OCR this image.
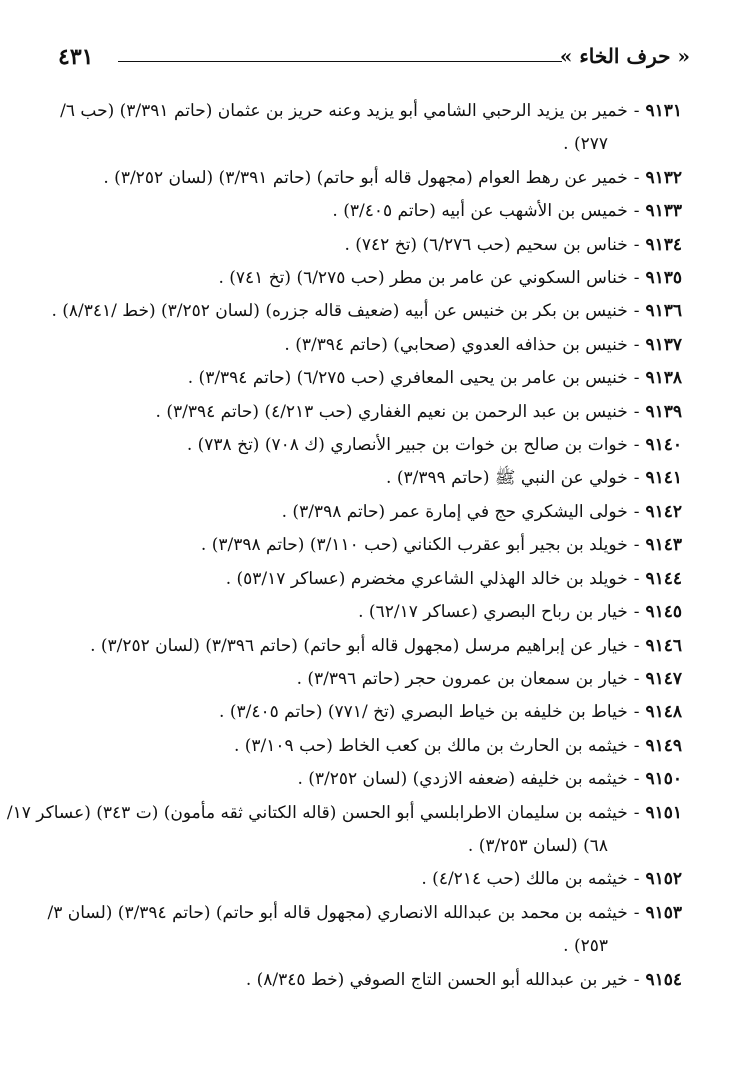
« حرف الخاء »
٤٣١
٩١٣١-خمير بن يزيد الرحبي الشامي أبو يزيد وعنه حريز بن عثمان (حاتم ٣/٣٩١) (حب ٦/
٢٧٧) .
٩١٣٢-خمير عن رهط العوام (مجهول قاله أبو حاتم) (حاتم ٣/٣٩١) (لسان ٣/٢٥٢) .
٩١٣٣-خميس بن الأشهب عن أبيه (حاتم ٣/٤٠٥) .
٩١٣٤-خناس بن سحيم (حب ٦/٢٧٦) (تخ ٧٤٢) .
٩١٣٥-خناس السكوني عن عامر بن مطر (حب ٦/٢٧٥) (تخ ٧٤١) .
٩١٣٦-خنيس بن بكر بن خنيس عن أبيه (ضعيف قاله جزره) (لسان ٣/٢٥٢) (خط /٨/٣٤١) .
٩١٣٧-خنيس بن حذافه العدوي (صحابي) (حاتم ٣/٣٩٤) .
٩١٣٨-خنيس بن عامر بن يحيى المعافري (حب ٦/٢٧٥) (حاتم ٣/٣٩٤) .
٩١٣٩-خنيس بن عبد الرحمن بن نعيم الغفاري (حب ٤/٢١٣) (حاتم ٣/٣٩٤) .
٩١٤٠-خوات بن صالح بن خوات بن جبير الأنصاري (ك ٧٠٨) (تخ ٧٣٨) .
٩١٤١-خولي عن النبي ﷺ (حاتم ٣/٣٩٩) .
٩١٤٢-خولى اليشكري حج في إمارة عمر (حاتم ٣/٣٩٨) .
٩١٤٣-خويلد بن بجير أبو عقرب الكناني (حب ٣/١١٠) (حاتم ٣/٣٩٨) .
٩١٤٤-خويلد بن خالد الهذلي الشاعري مخضرم (عساكر ٥٣/١٧) .
٩١٤٥-خيار بن رباح البصري (عساكر ٦٢/١٧) .
٩١٤٦-خيار عن إبراهيم مرسل (مجهول قاله أبو حاتم) (حاتم ٣/٣٩٦) (لسان ٣/٢٥٢) .
٩١٤٧-خيار بن سمعان بن عمرون حجر (حاتم ٣/٣٩٦) .
٩١٤٨-خياط بن خليفه بن خياط البصري (تخ /٧٧١) (حاتم ٣/٤٠٥) .
٩١٤٩-خيثمه بن الحارث بن مالك بن كعب الخاط (حب ٣/١٠٩) .
٩١٥٠-خيثمه بن خليفه (ضعفه الازدي) (لسان ٣/٢٥٢) .
٩١٥١-خيثمه بن سليمان الاطرابلسي أبو الحسن (قاله الكتاني ثقه مأمون) (ت ٣٤٣) (عساكر ١٧/
٦٨) (لسان ٣/٢٥٣) .
٩١٥٢-خيثمه بن مالك (حب ٤/٢١٤) .
٩١٥٣-خيثمه بن محمد بن عبدالله الانصاري (مجهول قاله أبو حاتم) (حاتم ٣/٣٩٤) (لسان ٣/
٢٥٣) .
٩١٥٤-خير بن عبدالله أبو الحسن التاج الصوفي (خط ٨/٣٤٥) .
